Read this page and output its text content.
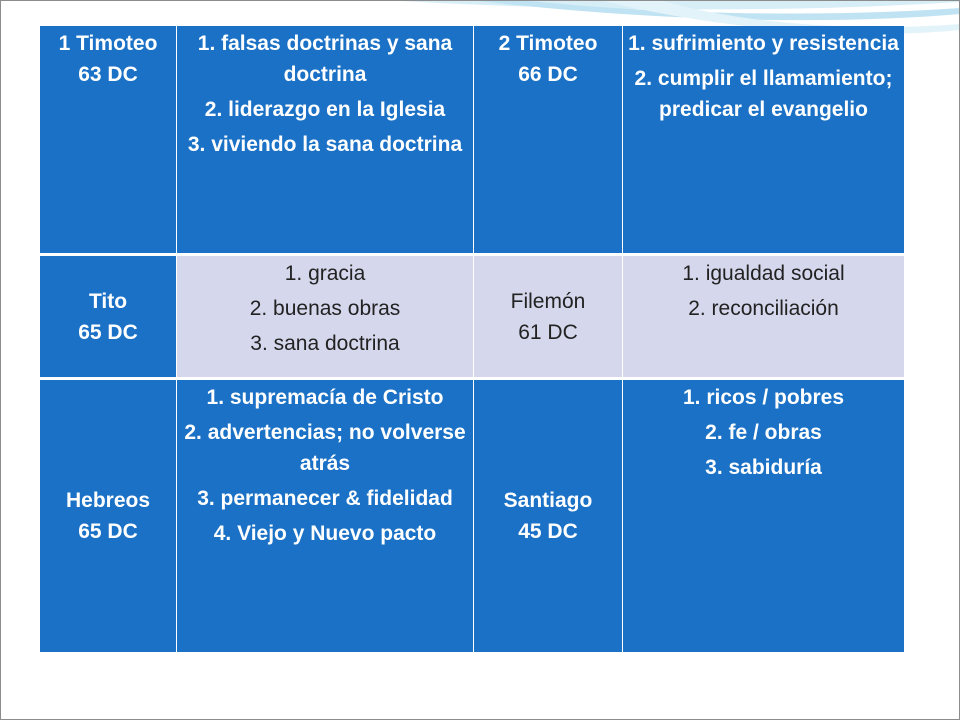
1 Timoteo
63 DC
1. falsas doctrinas y sana doctrina
2. liderazgo en la Iglesia
3. viviendo la sana doctrina
2 Timoteo
66 DC
1. sufrimiento y resistencia
2. cumplir el llamamiento; predicar el evangelio
Tito
65 DC
1. gracia
2. buenas obras
3. sana doctrina
Filemón
61 DC
1. igualdad social
2. reconciliación
Hebreos
65 DC
1. supremacía de Cristo
2. advertencias; no volverse atrás
3. permanecer & fidelidad
4. Viejo y Nuevo pacto
Santiago
45 DC
1. ricos / pobres
2. fe / obras
3. sabiduría
